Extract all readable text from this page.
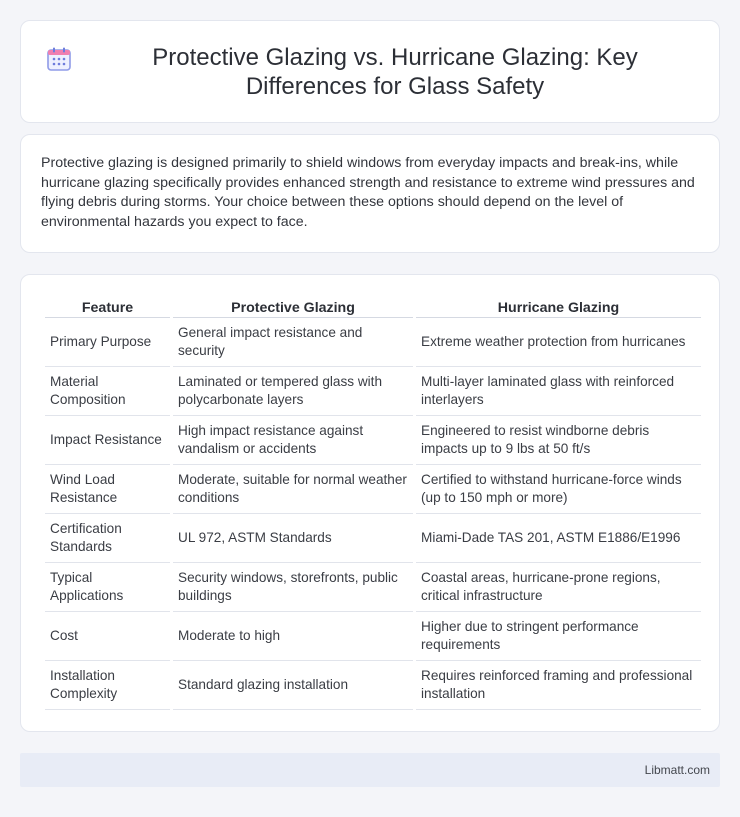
Protective Glazing vs. Hurricane Glazing: Key Differences for Glass Safety

Protective glazing is designed primarily to shield windows from everyday impacts and break-ins, while hurricane glazing specifically provides enhanced strength and resistance to extreme wind pressures and flying debris during storms. Your choice between these options should depend on the level of environmental hazards you expect to face.

Feature	Protective Glazing	Hurricane Glazing
Primary Purpose	General impact resistance and security	Extreme weather protection from hurricanes
Material Composition	Laminated or tempered glass with polycarbonate layers	Multi-layer laminated glass with reinforced interlayers
Impact Resistance	High impact resistance against vandalism or accidents	Engineered to resist windborne debris impacts up to 9 lbs at 50 ft/s
Wind Load Resistance	Moderate, suitable for normal weather conditions	Certified to withstand hurricane-force winds (up to 150 mph or more)
Certification Standards	UL 972, ASTM Standards	Miami-Dade TAS 201, ASTM E1886/E1996
Typical Applications	Security windows, storefronts, public buildings	Coastal areas, hurricane-prone regions, critical infrastructure
Cost	Moderate to high	Higher due to stringent performance requirements
Installation Complexity	Standard glazing installation	Requires reinforced framing and professional installation
Libmatt.com
